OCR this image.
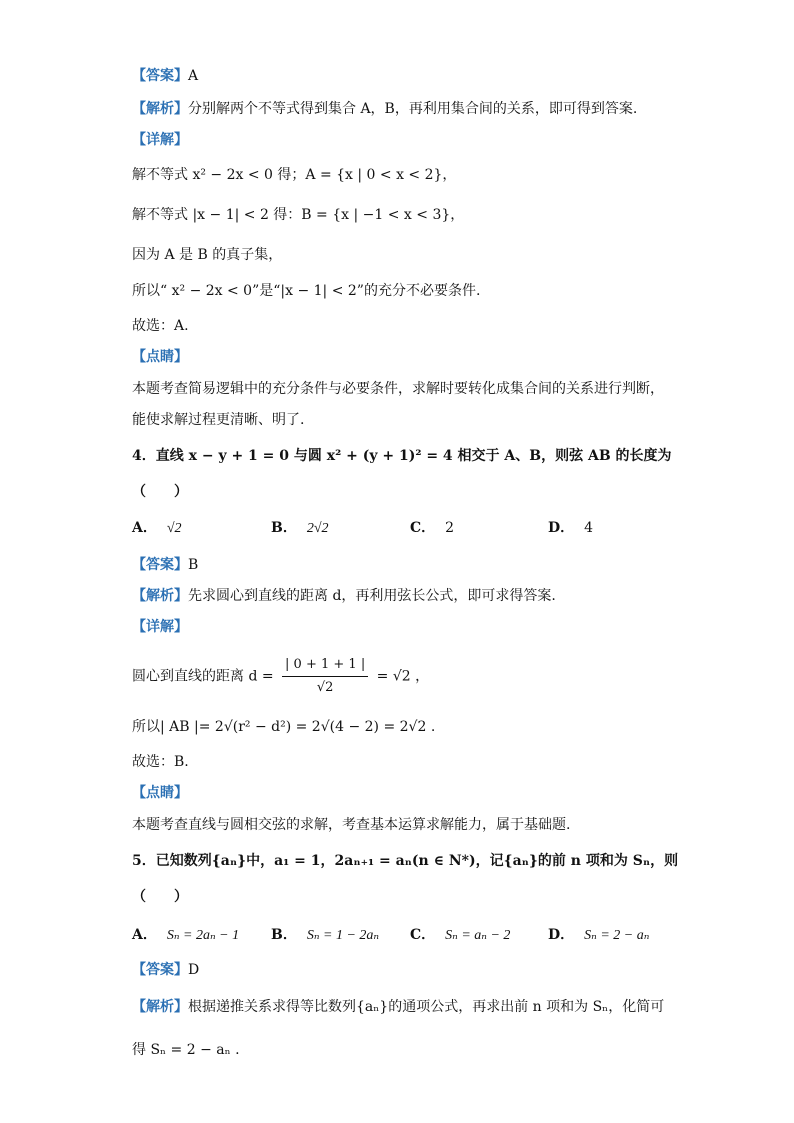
【答案】A
【解析】分别解两个不等式得到集合 A，B，再利用集合间的关系，即可得到答案.
【详解】
解不等式 x² − 2x < 0 得；A = {x | 0 < x < 2}，
解不等式 |x − 1| < 2 得：B = {x | −1 < x < 3}，
因为 A 是 B 的真子集，
所以“ x² − 2x < 0”是“|x − 1| < 2”的充分不必要条件.
故选：A.
【点睛】
本题考查简易逻辑中的充分条件与必要条件，求解时要转化成集合间的关系进行判断，
能使求解过程更清晰、明了.
4．直线 x − y + 1 = 0 与圆 x² + (y + 1)² = 4 相交于 A、B，则弦 AB 的长度为
（　　）
A． √2	B． 2√2	C． 2	D． 4
【答案】B
【解析】先求圆心到直线的距离 d，再利用弦长公式，即可求得答案.
【详解】
圆心到直线的距离 $d = \frac{| 0 + 1 + 1 |}{√2} = √2$ ，
所以| AB |= 2√(r² − d²) = 2√(4 − 2) = 2√2 .
故选：B.
【点睛】
本题考查直线与圆相交弦的求解，考查基本运算求解能力，属于基础题.
5．已知数列{aₙ}中，a₁ = 1，2aₙ₊₁ = aₙ(n ∈ N*)，记{aₙ}的前 n 项和为 Sₙ，则
（　　）
A． Sₙ = 2aₙ − 1 B． Sₙ = 1 − 2aₙ C． Sₙ = aₙ − 2	D． Sₙ = 2 − aₙ
【答案】D
【解析】根据递推关系求得等比数列{aₙ}的通项公式，再求出前 n 项和为 Sₙ，化简可
得 Sₙ = 2 − aₙ .
